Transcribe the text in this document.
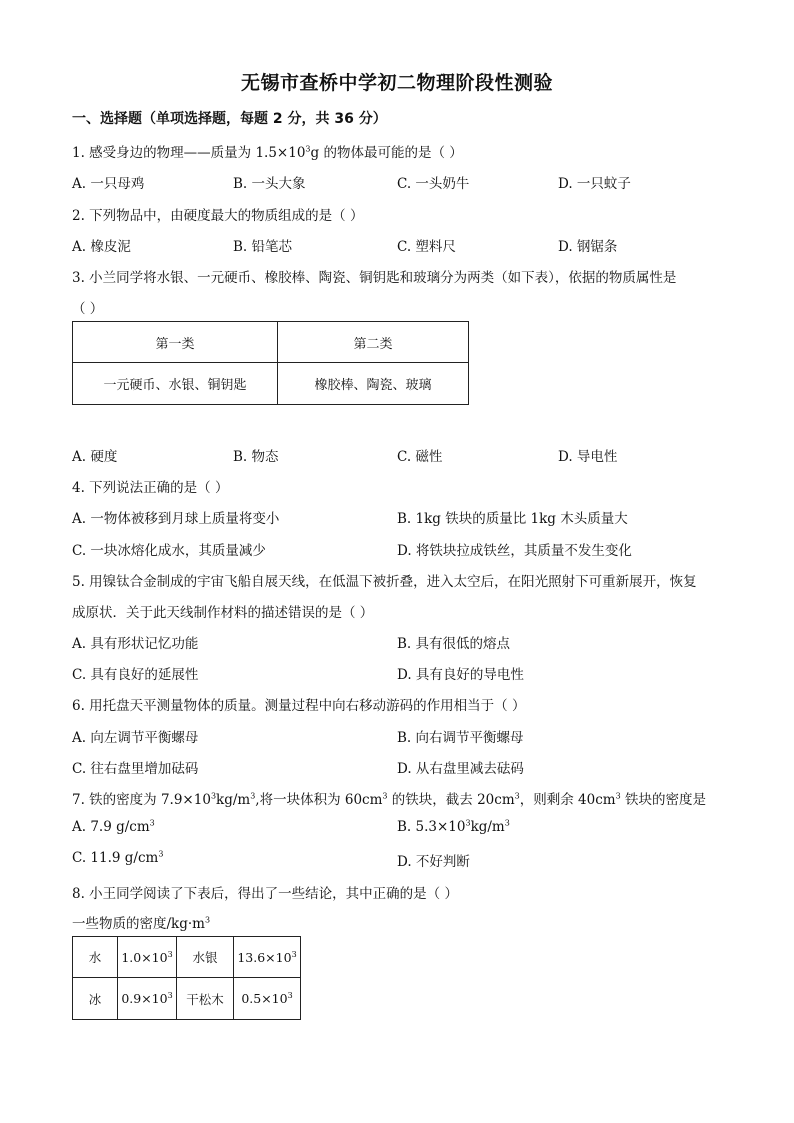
无锡市查桥中学初二物理阶段性测验
一、选择题（单项选择题，每题 2 分，共 36 分）
1. 感受身边的物理——质量为 $1.5\times 10^3g$ 的物体最可能的是（ ）
A. 一只母鸡	B. 一头大象	C. 一头奶牛	D. 一只蚊子
2. 下列物品中，由硬度最大的物质组成的是（ ）
A. 橡皮泥	B. 铅笔芯	C. 塑料尺	D. 钢锯条
3. 小兰同学将水银、一元硬币、橡胶棒、陶瓷、铜钥匙和玻璃分为两类（如下表），依据的物质属性是
（ ）
第一类	第二类
一元硬币、水银、铜钥匙	橡胶棒、陶瓷、玻璃
A. 硬度	B. 物态	C. 磁性	D. 导电性
4. 下列说法正确的是（ ）
A. 一物体被移到月球上质量将变小	B. 1kg 铁块的质量比 1kg 木头质量大
C. 一块冰熔化成水，其质量减少	D. 将铁块拉成铁丝，其质量不发生变化
5. 用镍钛合金制成的宇宙飞船自展天线，在低温下被折叠，进入太空后，在阳光照射下可重新展开，恢复
成原状．关于此天线制作材料的描述错误的是（ ）
A. 具有形状记忆功能	B. 具有很低的熔点
C. 具有良好的延展性	D. 具有良好的导电性
6. 用托盘天平测量物体的质量。测量过程中向右移动游码的作用相当于（ ）
A. 向左调节平衡螺母	B. 向右调节平衡螺母
C. 往右盘里增加砝码	D. 从右盘里减去砝码
7. 铁的密度为 $7.9\times 10^3kg/m^3$,将一块体积为 $60cm^3$ 的铁块，截去 $20cm^3$，则剩余 $40cm^3$ 铁块的密度是
A. 7.9 $g/cm^3$	B. $5.3\times 10^3kg/m^3$
C. 11.9 $g/cm^3$	D. 不好判断
8. 小王同学阅读了下表后，得出了一些结论，其中正确的是（ ）
一些物质的密度$/kg\cdot m^3$
水	$1.0\times 10^3$	水银	$13.6\times 10^3$
冰	$0.9\times 10^3$	干松木	$0.5\times 10^3$
